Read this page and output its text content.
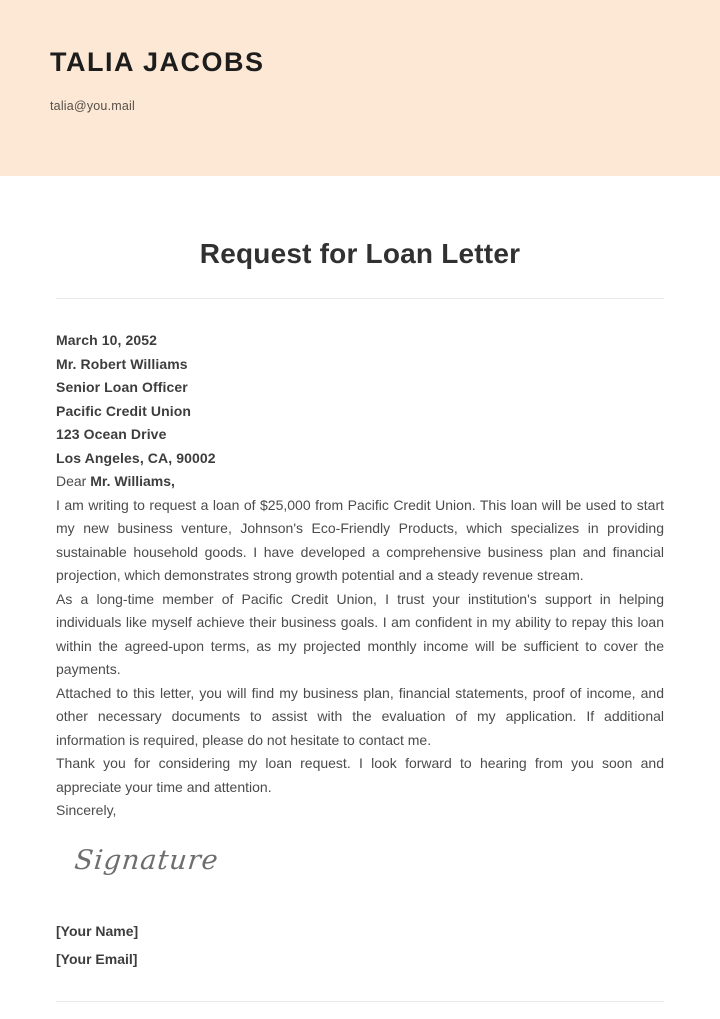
TALIA JACOBS
talia@you.mail
Request for Loan Letter

March 10, 2052

Mr. Robert Williams

Senior Loan Officer

Pacific Credit Union

123 Ocean Drive

Los Angeles, CA, 90002

Dear Mr. Williams,

I am writing to request a loan of $25,000 from Pacific Credit Union. This loan will be used to start my new business venture, Johnson's Eco-Friendly Products, which specializes in providing sustainable household goods. I have developed a comprehensive business plan and financial projection, which demonstrates strong growth potential and a steady revenue stream.

As a long-time member of Pacific Credit Union, I trust your institution's support in helping individuals like myself achieve their business goals. I am confident in my ability to repay this loan within the agreed-upon terms, as my projected monthly income will be sufficient to cover the payments.

Attached to this letter, you will find my business plan, financial statements, proof of income, and other necessary documents to assist with the evaluation of my application. If additional information is required, please do not hesitate to contact me.

Thank you for considering my loan request. I look forward to hearing from you soon and appreciate your time and attention.

Sincerely,

Signature

[Your Name]

[Your Email]
